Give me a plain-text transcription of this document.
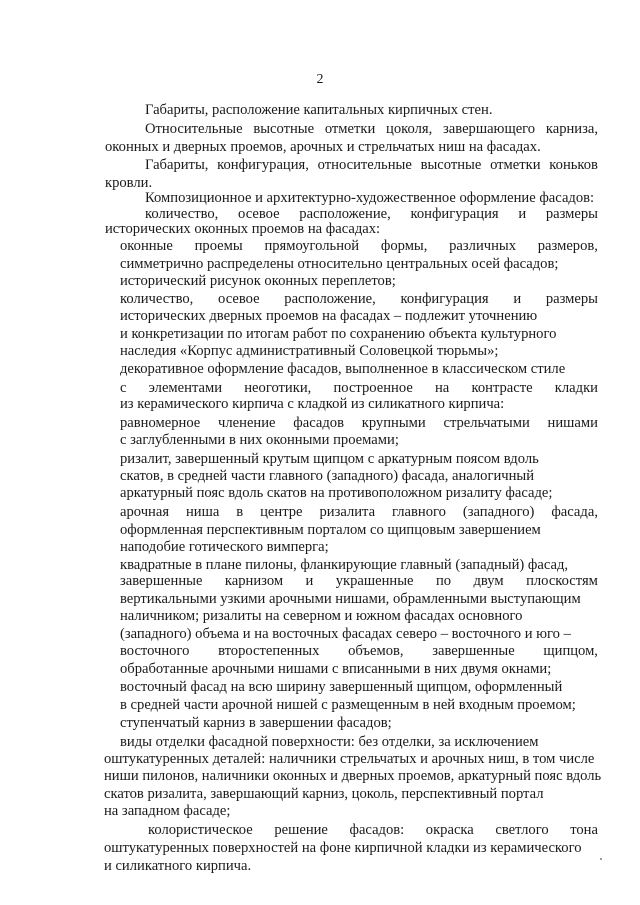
2
Габариты, расположение капитальных кирпичных стен.
Относительные высотные отметки цоколя, завершающего карниза,
оконных и дверных проемов, арочных и стрельчатых ниш на фасадах.
Габариты, конфигурация, относительные высотные отметки коньков
кровли.
Композиционное и архитектурно-художественное оформление фасадов:
количество, осевое расположение, конфигурация и размеры
исторических оконных проемов на фасадах:
оконные проемы прямоугольной формы, различных размеров,
симметрично распределены относительно центральных осей фасадов;
исторический рисунок оконных переплетов;
количество, осевое расположение, конфигурация и размеры
исторических дверных проемов на фасадах – подлежит уточнению
и конкретизации по итогам работ по сохранению объекта культурного
наследия «Корпус административный Соловецкой тюрьмы»;
декоративное оформление фасадов, выполненное в классическом стиле
с элементами неоготики, построенное на контрасте кладки
из керамического кирпича с кладкой из силикатного кирпича:
равномерное членение фасадов крупными стрельчатыми нишами
с заглубленными в них оконными проемами;
ризалит, завершенный крутым щипцом с аркатурным поясом вдоль
скатов, в средней части главного (западного) фасада, аналогичный
аркатурный пояс вдоль скатов на противоположном ризалиту фасаде;
арочная ниша в центре ризалита главного (западного) фасада,
оформленная перспективным порталом со щипцовым завершением
наподобие готического вимперга;
квадратные в плане пилоны, фланкирующие главный (западный) фасад,
завершенные карнизом и украшенные по двум плоскостям
вертикальными узкими арочными нишами, обрамленными выступающим
наличником; ризалиты на северном и южном фасадах основного
(западного) объема и на восточных фасадах северо – восточного и юго –
восточного второстепенных объемов, завершенные щипцом,
обработанные арочными нишами с вписанными в них двумя окнами;
восточный фасад на всю ширину завершенный щипцом, оформленный
в средней части арочной нишей с размещенным в ней входным проемом;
ступенчатый карниз в завершении фасадов;
виды отделки фасадной поверхности: без отделки, за исключением
оштукатуренных деталей: наличники стрельчатых и арочных ниш, в том числе
ниши пилонов, наличники оконных и дверных проемов, аркатурный пояс вдоль
скатов ризалита, завершающий карниз, цоколь, перспективный портал
на западном фасаде;
колористическое решение фасадов: окраска светлого тона
оштукатуренных поверхностей на фоне кирпичной кладки из керамического
и силикатного кирпича.
